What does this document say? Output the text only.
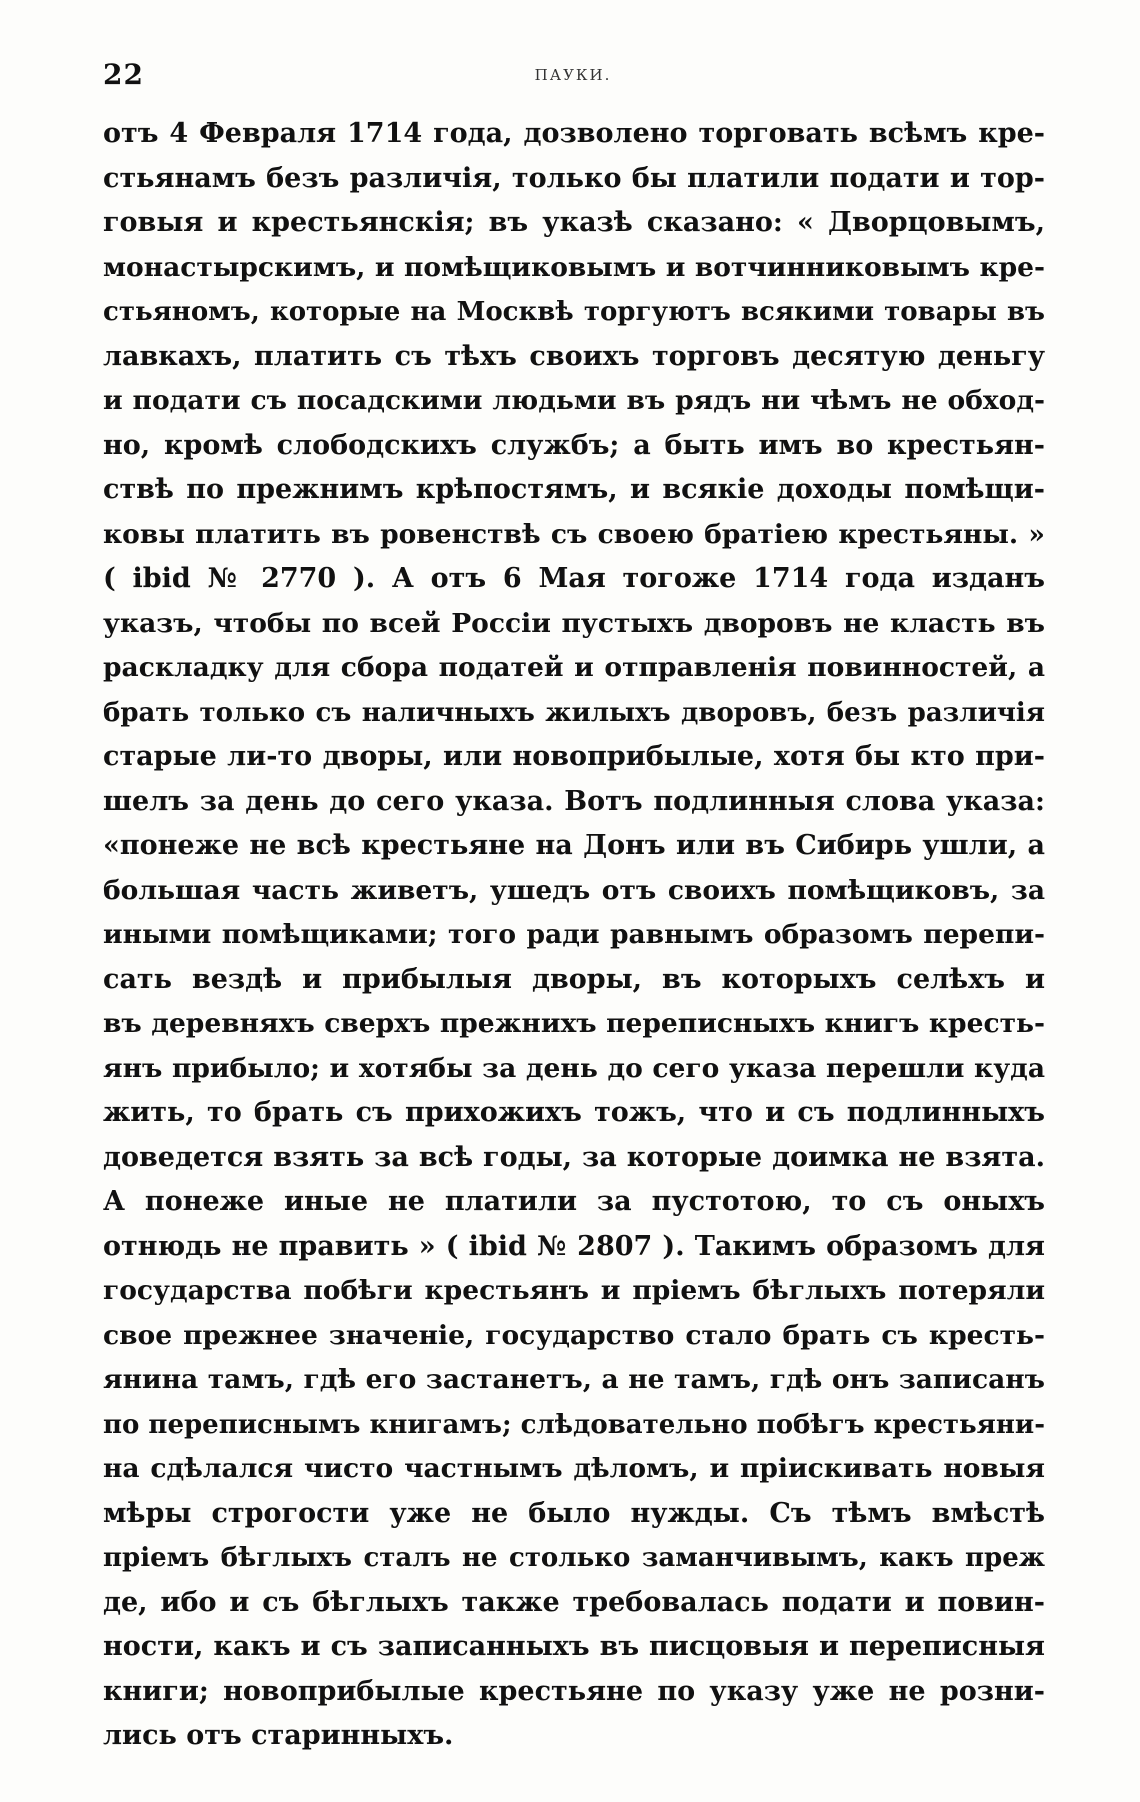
22	ПАУКИ.
отъ 4 Февраля 1714 года, дозволено торговать всѣмъ кре-
стьянамъ безъ различія, только бы платили подати и тор-
говыя и крестьянскія; въ указѣ сказано: « Дворцовымъ,
монастырскимъ, и помѣщиковымъ и вотчинниковымъ кре-
стьяномъ, которые на Москвѣ торгуютъ всякими товары въ
лавкахъ, платить съ тѣхъ своихъ торговъ десятую деньгу
и подати съ посадскими людьми въ рядъ ни чѣмъ не обход-
но, кромѣ слободскихъ службъ; а быть имъ во крестьян-
ствѣ по прежнимъ крѣпостямъ, и всякіе доходы помѣщи-
ковы платить въ ровенствѣ съ своею братіею крестьяны. »
( ibid № 2770 ). А отъ 6 Мая тогоже 1714 года изданъ
указъ, чтобы по всей Россіи пустыхъ дворовъ не класть въ
раскладку для сбора податей и отправленія повинностей, а
брать только съ наличныхъ жилыхъ дворовъ, безъ различія
старые ли-то дворы, или новоприбылые, хотя бы кто при-
шелъ за день до сего указа. Вотъ подлинныя слова указа:
«понеже не всѣ крестьяне на Донъ или въ Сибирь ушли, а
большая часть живетъ, ушедъ отъ своихъ помѣщиковъ, за
иными помѣщиками; того ради равнымъ образомъ перепи-
сать вездѣ и прибылыя дворы, въ которыхъ селѣхъ и
въ деревняхъ сверхъ прежнихъ переписныхъ книгъ кресть-
янъ прибыло; и хотябы за день до сего указа перешли куда
жить, то брать съ прихожихъ тожъ, что и съ подлинныхъ
доведется взять за всѣ годы, за которые доимка не взята.
А понеже иные не платили за пустотою, то съ оныхъ
отнюдь не править » ( ibid № 2807 ). Такимъ образомъ для
государства побѣги крестьянъ и пріемъ бѣглыхъ потеряли
свое прежнее значеніе, государство стало брать съ кресть-
янина тамъ, гдѣ его застанетъ, а не тамъ, гдѣ онъ записанъ
по переписнымъ книгамъ; слѣдовательно побѣгъ крестьяни-
на сдѣлался чисто частнымъ дѣломъ, и пріискивать новыя
мѣры строгости уже не было нужды. Съ тѣмъ вмѣстѣ
пріемъ бѣглыхъ сталъ не столько заманчивымъ, какъ преж
де, ибо и съ бѣглыхъ также требовалась подати и повин-
ности, какъ и съ записанныхъ въ писцовыя и переписныя
книги; новоприбылые крестьяне по указу уже не розни-
лись отъ старинныхъ.
